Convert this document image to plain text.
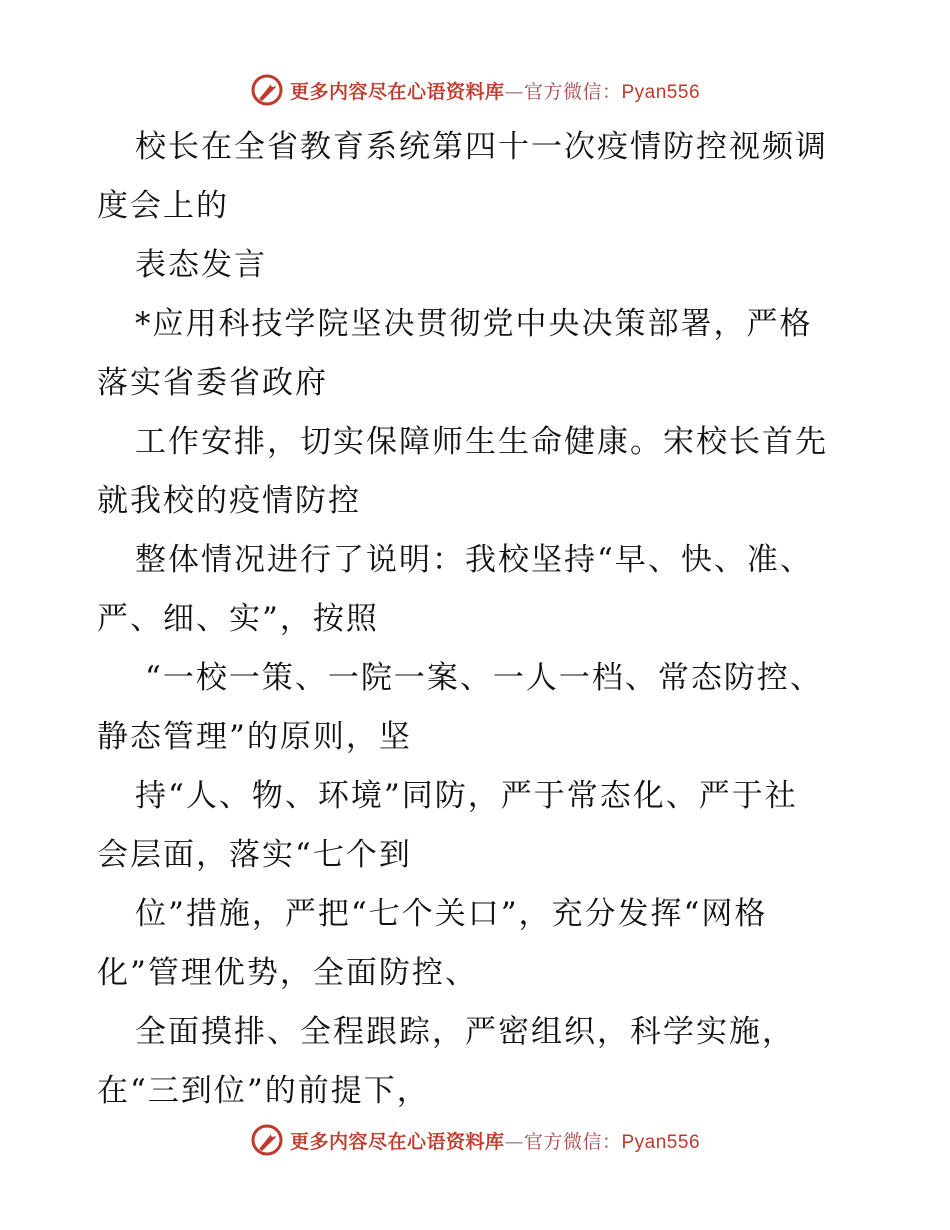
更多内容尽在心语资料库—官方微信：Pyan556
校长在全省教育系统第四十一次疫情防控视频调
度会上的
表态发言
*应用科技学院坚决贯彻党中央决策部署，严格
落实省委省政府
工作安排，切实保障师生生命健康。宋校长首先
就我校的疫情防控
整体情况进行了说明：我校坚持“早、快、准、
严、细、实”，按照
“一校一策、一院一案、一人一档、常态防控、
静态管理”的原则，坚
持“人、物、环境”同防，严于常态化、严于社
会层面，落实“七个到
位”措施，严把“七个关口”，充分发挥“网格
化”管理优势，全面防控、
全面摸排、全程跟踪，严密组织，科学实施，
在“三到位”的前提下，
更多内容尽在心语资料库—官方微信：Pyan556
